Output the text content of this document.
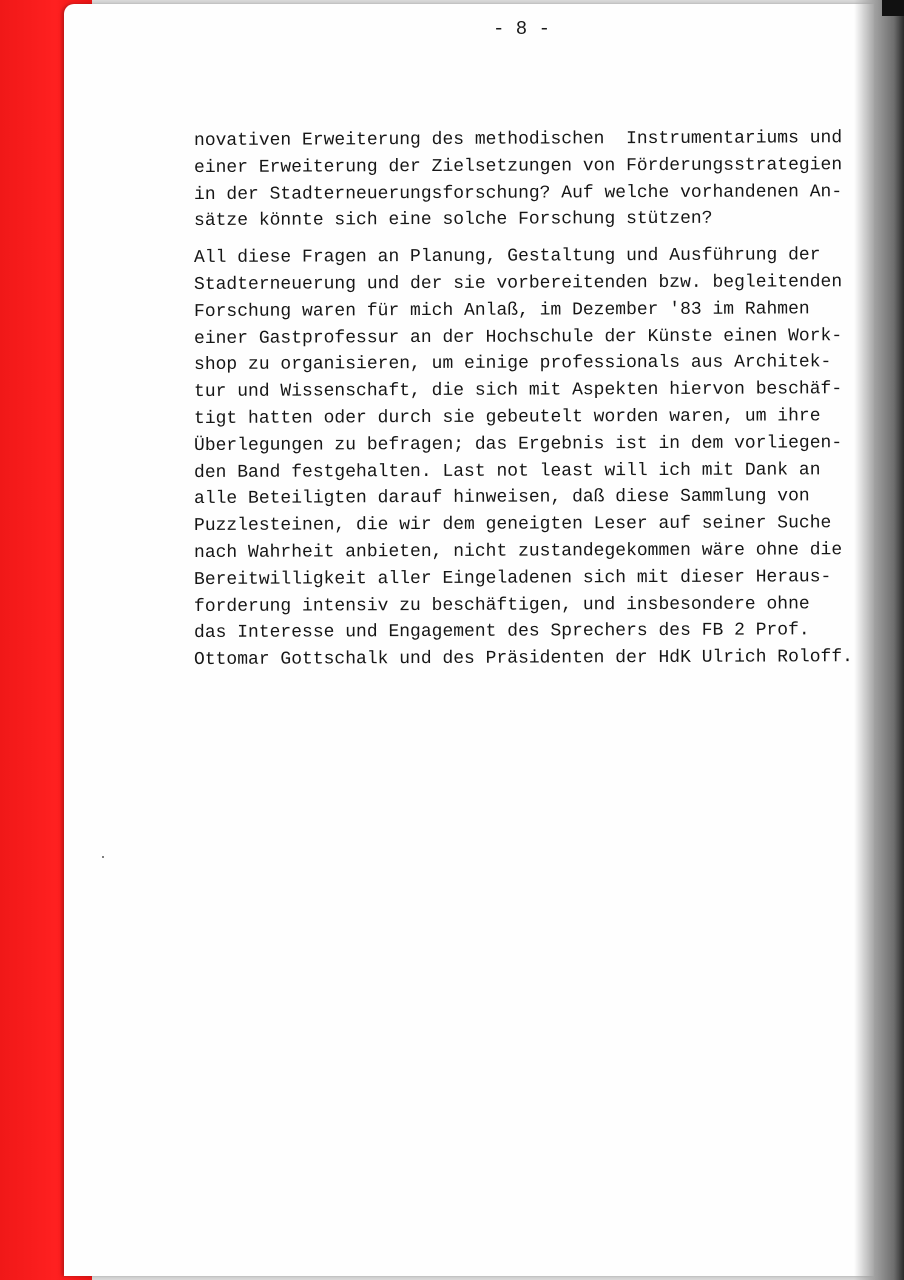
- 8 -
novativen Erweiterung des methodischen  Instrumentariums und
einer Erweiterung der Zielsetzungen von Förderungsstrategien
in der Stadterneuerungsforschung? Auf welche vorhandenen An-
sätze könnte sich eine solche Forschung stützen?
All diese Fragen an Planung, Gestaltung und Ausführung der
Stadterneuerung und der sie vorbereitenden bzw. begleitenden
Forschung waren für mich Anlaß, im Dezember '83 im Rahmen
einer Gastprofessur an der Hochschule der Künste einen Work-
shop zu organisieren, um einige professionals aus Architek-
tur und Wissenschaft, die sich mit Aspekten hiervon beschäf-
tigt hatten oder durch sie gebeutelt worden waren, um ihre
Überlegungen zu befragen; das Ergebnis ist in dem vorliegen-
den Band festgehalten. Last not least will ich mit Dank an
alle Beteiligten darauf hinweisen, daß diese Sammlung von
Puzzlesteinen, die wir dem geneigten Leser auf seiner Suche
nach Wahrheit anbieten, nicht zustandegekommen wäre ohne die
Bereitwilligkeit aller Eingeladenen sich mit dieser Heraus-
forderung intensiv zu beschäftigen, und insbesondere ohne
das Interesse und Engagement des Sprechers des FB 2 Prof.
Ottomar Gottschalk und des Präsidenten der HdK Ulrich Roloff.
